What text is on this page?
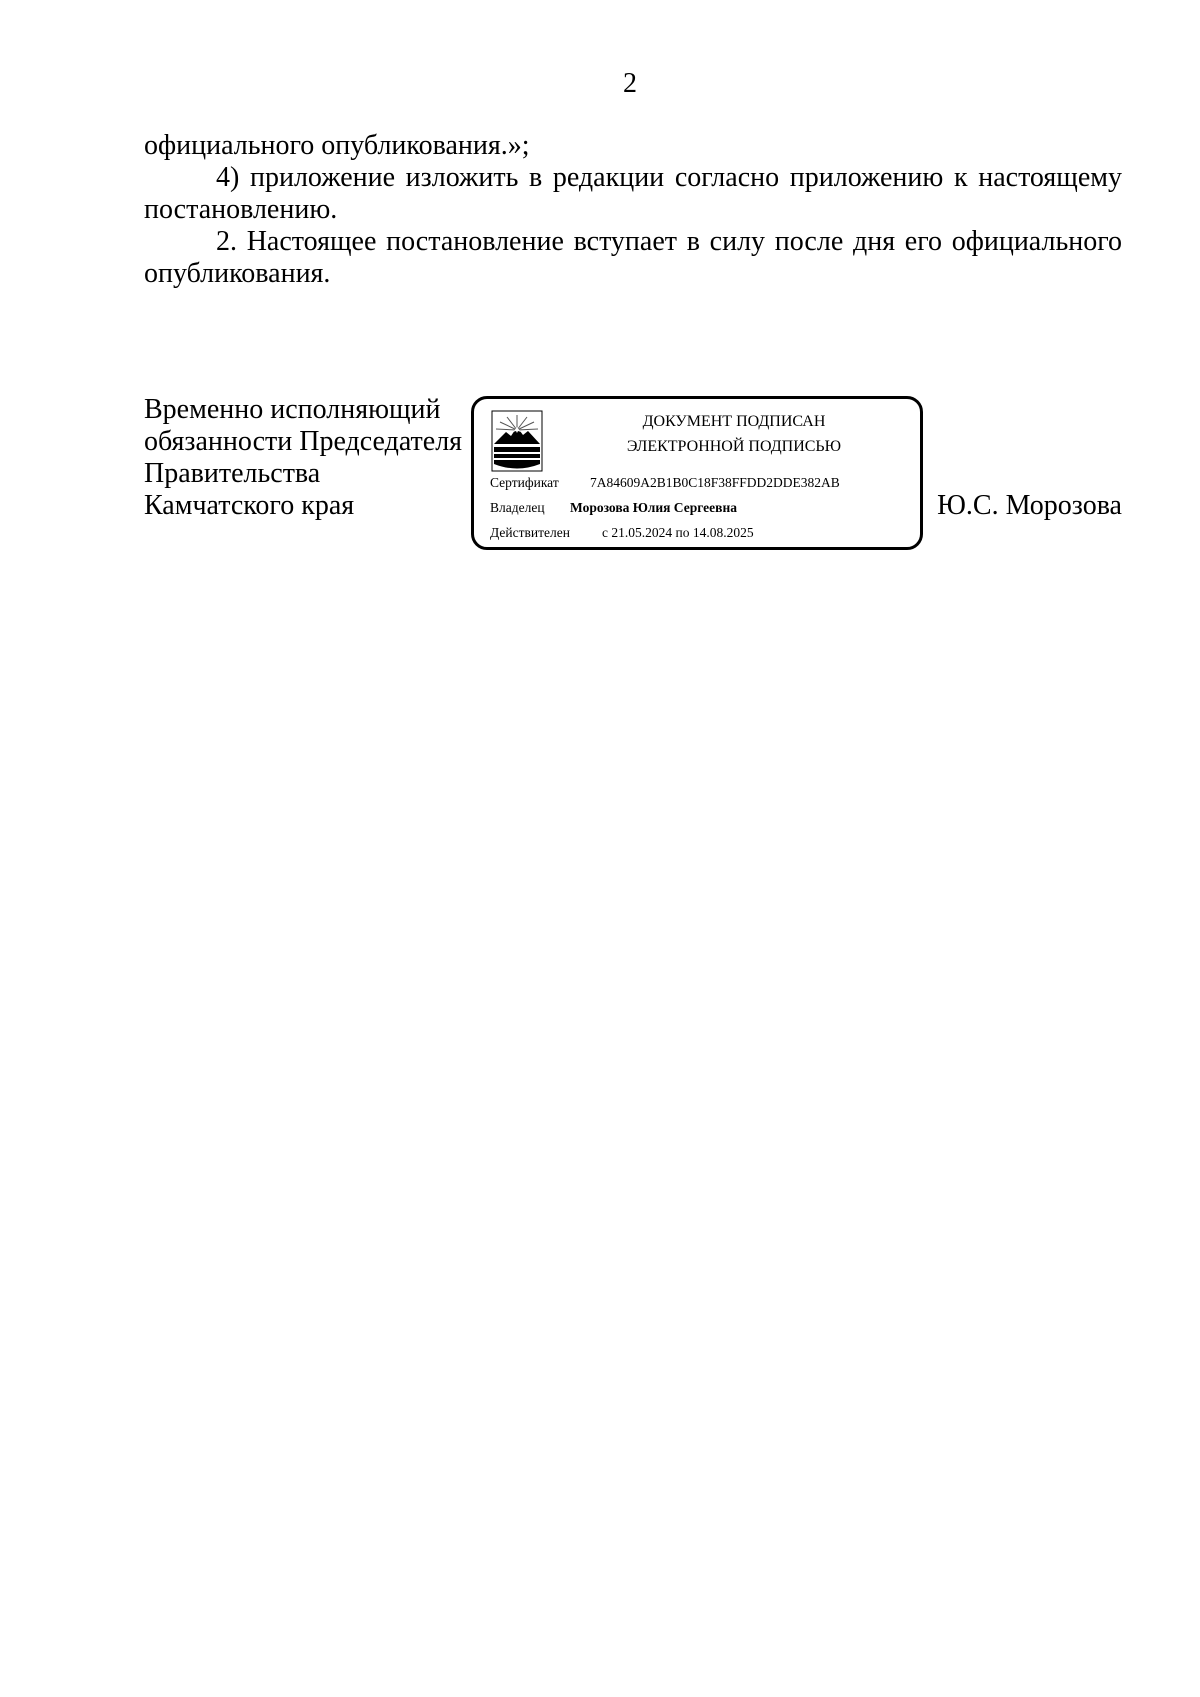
2

официального опубликования.»;

4) приложение изложить в редакции согласно приложению к настоящему постановлению.

2. Настоящее постановление вступает в силу после дня его официального опубликования.

Временно исполняющий
обязанности Председателя
Правительства
Камчатского края	Ю.С. Морозова
ДОКУМЕНТ ПОДПИСАН
ЭЛЕКТРОННОЙ ПОДПИСЬЮ
Сертификат 7A84609A2B1B0C18F38FFDD2DDE382AB
Владелец Морозова Юлия Сергеевна
Действителен с 21.05.2024 по 14.08.2025
